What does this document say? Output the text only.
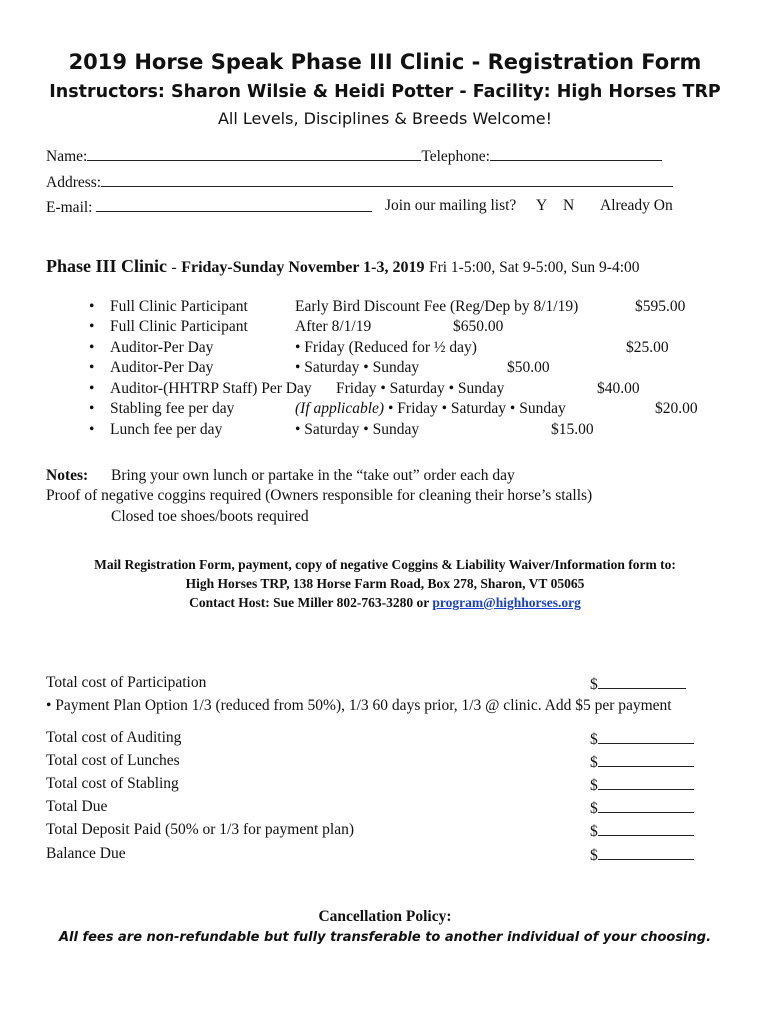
2019 Horse Speak Phase III Clinic - Registration Form
Instructors: Sharon Wilsie & Heidi Potter - Facility: High Horses TRP
All Levels, Disciplines & Breeds Welcome!
Name:	Telephone:
Address:
E-mail:	Join our mailing list? Y N Already On
Phase III Clinic - Friday-Sunday November 1-3, 2019 Fri 1-5:00, Sat 9-5:00, Sun 9-4:00
• Full Clinic Participant	Early Bird Discount Fee (Reg/Dep by 8/1/19)	$595.00
• Full Clinic Participant	After 8/1/19	$650.00
• Auditor-Per Day	• Friday (Reduced for ½ day)	$25.00
• Auditor-Per Day	• Saturday • Sunday	$50.00
• Auditor-(HHTRP Staff) Per Day Friday • Saturday • Sunday	$40.00
• Stabling fee per day	(If applicable) • Friday • Saturday • Sunday	$20.00
• Lunch fee per day	• Saturday • Sunday	$15.00
Notes: Bring your own lunch or partake in the “take out” order each day
Proof of negative coggins required (Owners responsible for cleaning their horse’s stalls)
Closed toe shoes/boots required
Mail Registration Form, payment, copy of negative Coggins & Liability Waiver/Information form to:
High Horses TRP, 138 Horse Farm Road, Box 278, Sharon, VT 05065
Contact Host: Sue Miller 802-763-3280 or program@highhorses.org
Total cost of Participation	$
• Payment Plan Option 1/3 (reduced from 50%), 1/3 60 days prior, 1/3 @ clinic. Add $5 per payment
Total cost of Auditing	$
Total cost of Lunches	$
Total cost of Stabling	$
Total Due	$
Total Deposit Paid (50% or 1/3 for payment plan)	$
Balance Due	$
Cancellation Policy:
All fees are non-refundable but fully transferable to another individual of your choosing.
